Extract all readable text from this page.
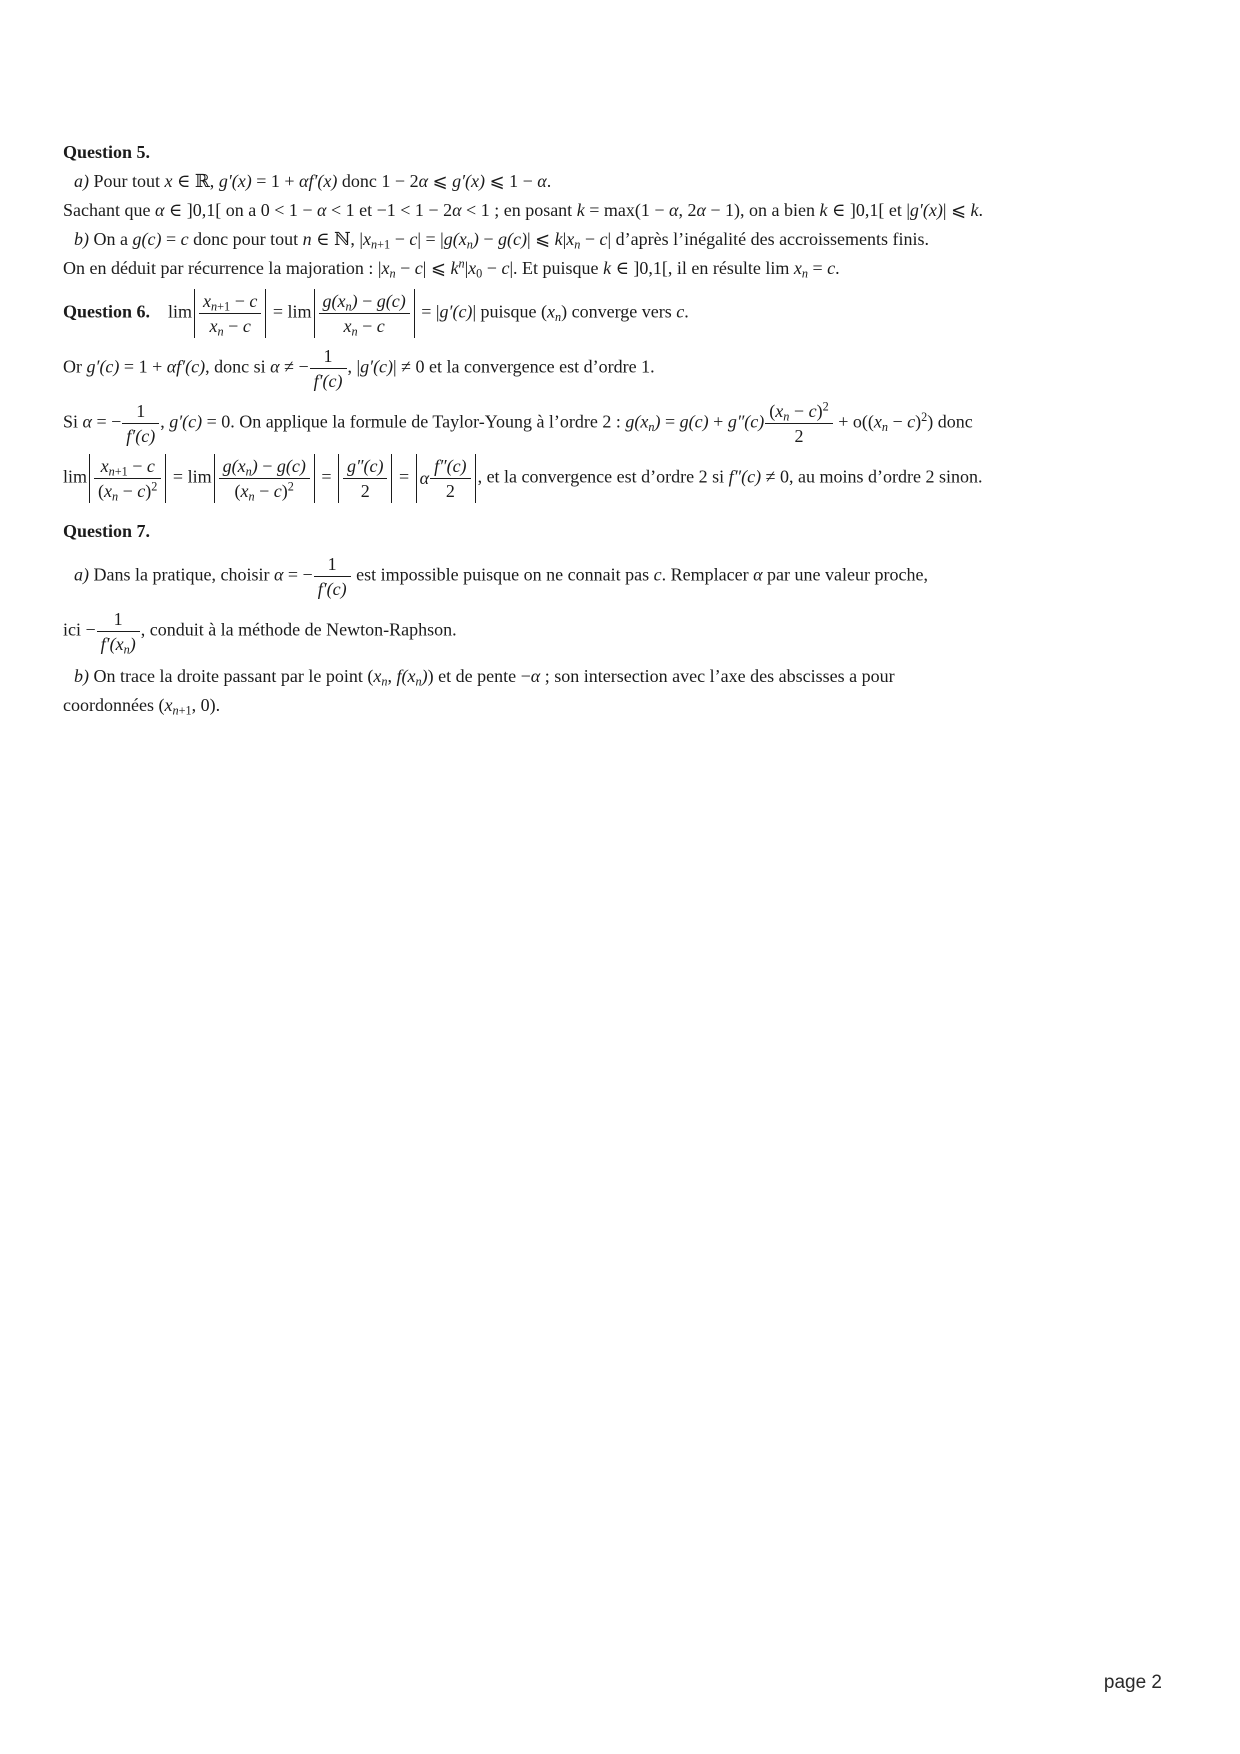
Question 5.
a) Pour tout x ∈ ℝ, g′(x) = 1 + αf′(x) donc 1 − 2α ⩽ g′(x) ⩽ 1 − α.
Sachant que α ∈ ]0,1[ on a 0 < 1 − α < 1 et −1 < 1 − 2α < 1 ; en posant k = max(1 − α, 2α − 1), on a bien k ∈ ]0,1[ et |g′(x)| ⩽ k.
b) On a g(c) = c donc pour tout n ∈ ℕ, $|x_{n+1} - c| = |g(x_n) - g(c)|$ ⩽ $k|x_n - c|$ d’après l’inégalité des accroissements finis.
On en déduit par récurrence la majoration : $|x_n - c|$ ⩽ $k^n|x_0 - c|$. Et puisque k ∈ ]0,1[, il en résulte $\lim x_n = c$.
Question 6. $\lim \frac{x_{n+1} - c}{x_n - c} = \lim \frac{g(x_n) - g(c)}{x_n - c} = |g'(c)|$ puisque $(x_n)$ converge vers c.
Or g′(c) = 1 + αf′(c), donc si α ≠ − $\frac{1}{f'(c)}$ , |g′(c)| ≠ 0 et la convergence est d’ordre 1.
Si α = − $\frac{1}{f'(c)}$ , g′(c) = 0. On applique la formule de Taylor-Young à l’ordre 2 : $g(x_n) = g(c) + g''(c) \frac{(x_n - c)^2}{2} + o((x_n - c)^2)$ donc
$\lim \frac{x_{n+1} - c}{(x_n - c)^2} = \lim \frac{g(x_n) - g(c)}{(x_n - c)^2} = \frac{g''(c)}{2} = \alpha \frac{f''(c)}{2}$ , et la convergence est d’ordre 2 si f″(c) ≠ 0, au moins d’ordre 2 sinon.
Question 7.
a) Dans la pratique, choisir α = − $\frac{1}{f'(c)}$ est impossible puisque on ne connait pas c. Remplacer α par une valeur proche,
ici − $\frac{1}{f'(x_n)}$ , conduit à la méthode de Newton-Raphson.
b) On trace la droite passant par le point ($x_n$, $f(x_n)$) et de pente −α ; son intersection avec l’axe des abscisses a pour
coordonnées ($x_{n+1}$, 0).
page 2
